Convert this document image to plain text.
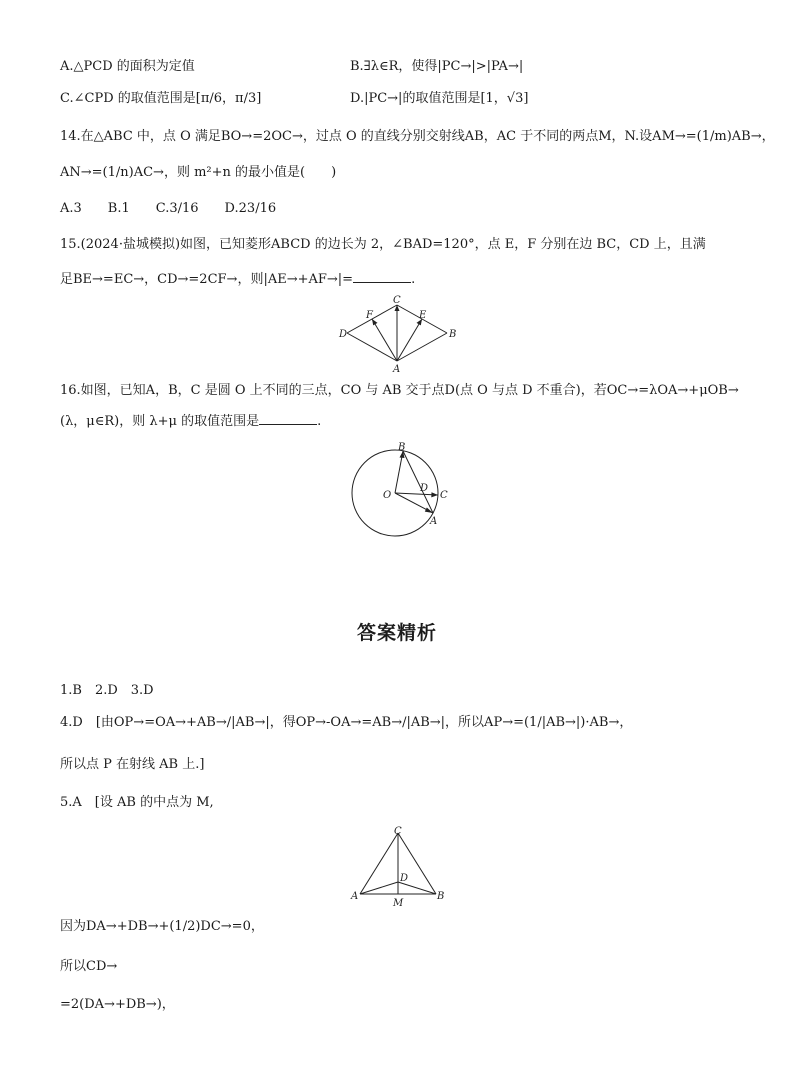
A.△PCD 的面积为定值	B.∃λ∈R，使得|PC→|>|PA→|
C.∠CPD 的取值范围是[π/6，π/3]	D.|PC→|的取值范围是[1，√3]
14.在△ABC 中，点 O 满足BO→=2OC→，过点 O 的直线分别交射线AB，AC 于不同的两点M，N.设AM→=(1/m)AB→，
AN→=(1/n)AC→，则 m²+n 的最小值是(　　)
A.3　　B.1　　C.3/16　　D.23/16
15.(2024·盐城模拟)如图，已知菱形ABCD 的边长为 2，∠BAD=120°，点 E，F 分别在边 BC，CD 上，且满
足BE→=EC→，CD→=2CF→，则|AE→+AF→|=	.
C
F	E
D	B
A
16.如图，已知A，B，C 是圆 O 上不同的三点，CO 与 AB 交于点D(点 O 与点 D 不重合)，若OC→=λOA→+μOB→
(λ，μ∈R)，则 λ+μ 的取值范围是	.
B
O
D
C
A
答案精析
1.B　2.D　3.D
4.D　[由OP→=OA→+AB→/|AB→|，得OP→-OA→=AB→/|AB→|，所以AP→=(1/|AB→|)·AB→，
所以点 P 在射线 AB 上.]
5.A　[设 AB 的中点为 M,
C
D
A
M
B
因为DA→+DB→+(1/2)DC→=0，
所以CD→
=2(DA→+DB→)，
